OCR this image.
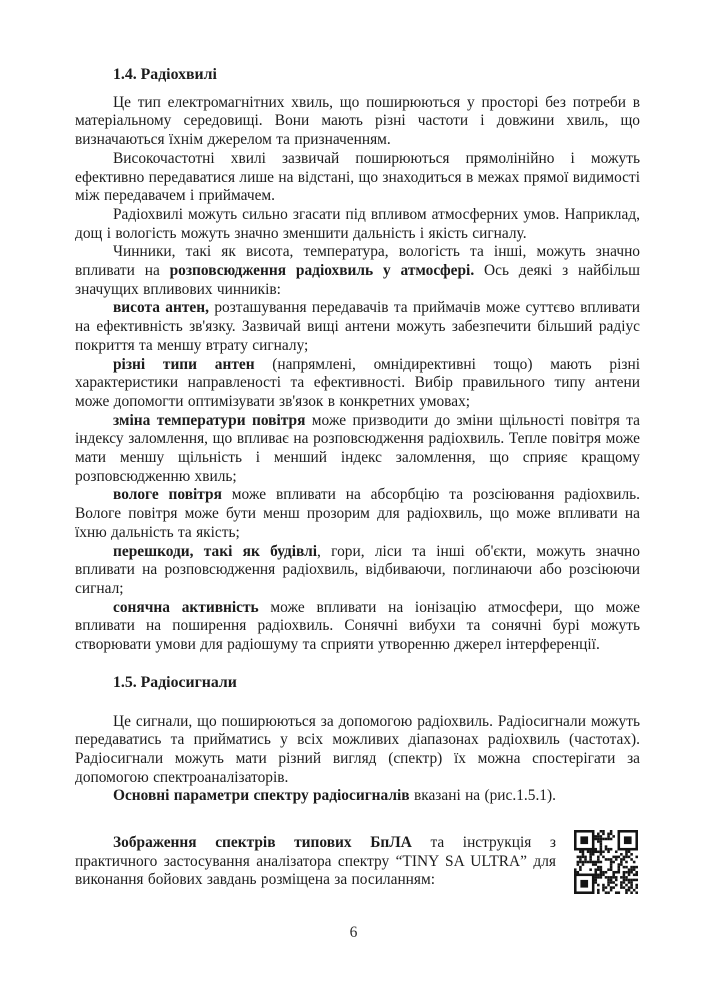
1.4. Радіохвилі

Це тип електромагнітних хвиль, що поширюються у просторі без потреби в матеріальному середовищі. Вони мають різні частоти і довжини хвиль, що визначаються їхнім джерелом та призначенням.

Високочастотні хвилі зазвичай поширюються прямолінійно і можуть ефективно передаватися лише на відстані, що знаходиться в межах прямої видимості між передавачем і приймачем.

Радіохвилі можуть сильно згасати під впливом атмосферних умов. Наприклад, дощ і вологість можуть значно зменшити дальність і якість сигналу.

Чинники, такі як висота, температура, вологість та інші, можуть значно впливати на розповсюдження радіохвиль у атмосфері. Ось деякі з найбільш значущих впливових чинників:

висота антен, розташування передавачів та приймачів може суттєво впливати на ефективність зв'язку. Зазвичай вищі антени можуть забезпечити більший радіус покриття та меншу втрату сигналу;

різні типи антен (напрямлені, омнідирективні тощо) мають різні характеристики направленості та ефективності. Вибір правильного типу антени може допомогти оптимізувати зв'язок в конкретних умовах;

зміна температури повітря може призводити до зміни щільності повітря та індексу заломлення, що впливає на розповсюдження радіохвиль. Тепле повітря може мати меншу щільність і менший індекс заломлення, що сприяє кращому розповсюдженню хвиль;

вологе повітря може впливати на абсорбцію та розсіювання радіохвиль. Вологе повітря може бути менш прозорим для радіохвиль, що може впливати на їхню дальність та якість;

перешкоди, такі як будівлі, гори, ліси та інші об'єкти, можуть значно впливати на розповсюдження радіохвиль, відбиваючи, поглинаючи або розсіюючи сигнал;

сонячна активність може впливати на іонізацію атмосфери, що може впливати на поширення радіохвиль. Сонячні вибухи та сонячні бурі можуть створювати умови для радіошуму та сприяти утворенню джерел інтерференції.

1.5. Радіосигнали

Це сигнали, що поширюються за допомогою радіохвиль. Радіосигнали можуть передаватись та прийматись у всіх можливих діапазонах радіохвиль (частотах). Радіосигнали можуть мати різний вигляд (спектр) їх можна спостерігати за допомогою спектроаналізаторів.

Основні параметри спектру радіосигналів вказані на (рис.1.5.1).

Зображення спектрів типових БпЛА та інструкція з практичного застосування аналізатора спектру “TINY SA ULTRA” для виконання бойових завдань розміщена за посиланням:

6
